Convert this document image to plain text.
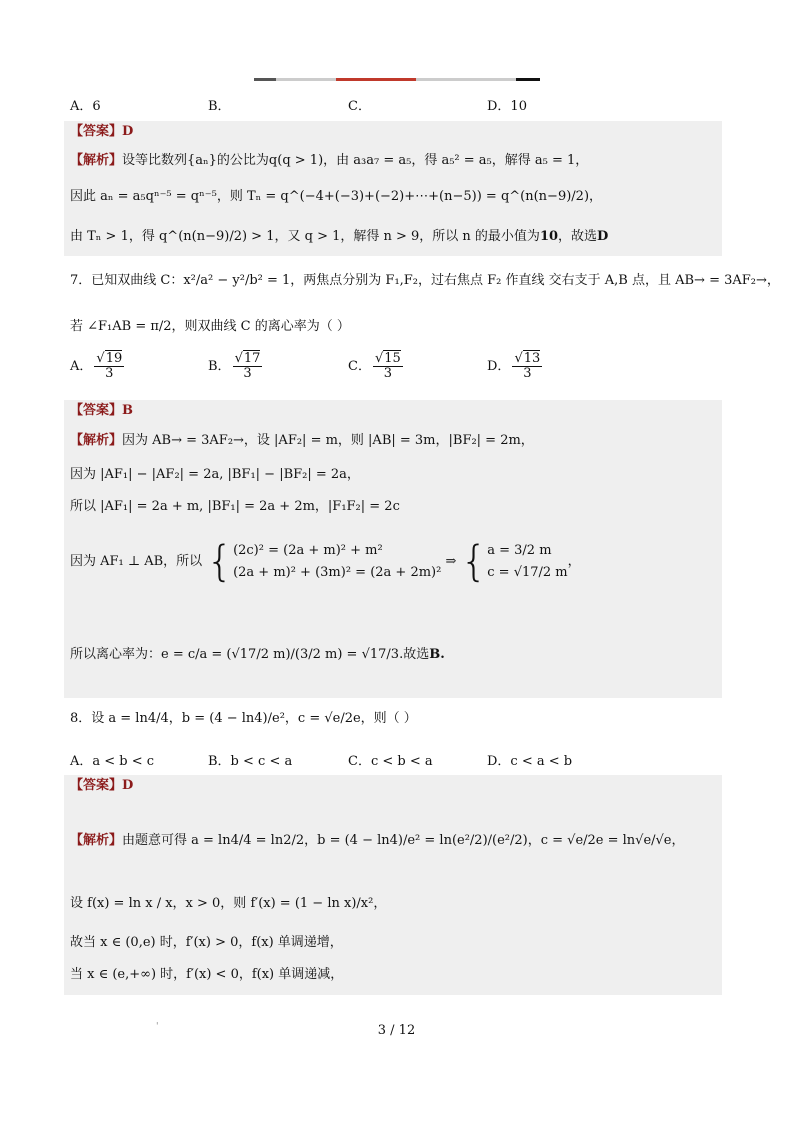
A．6	B．	C．	D．10
【答案】D
【解析】设等比数列{aₙ}的公比为q(q > 1)，由 a₃a₇ = a₅，得 a₅² = a₅，解得 a₅ = 1，
因此 aₙ = a₅qⁿ⁻⁵ = qⁿ⁻⁵，则 Tₙ = q^(−4+(−3)+(−2)+⋯+(n−5)) = q^(n(n−9)/2)，
由 Tₙ > 1，得 q^(n(n−9)/2) > 1，又 q > 1，解得 n > 9，所以 n 的最小值为10，故选D
7．已知双曲线 C：x²/a² − y²/b² = 1，两焦点分别为 F₁,F₂，过右焦点 F₂ 作直线 交右支于 A,B 点，且 AB→ = 3AF₂→，
若 ∠F₁AB = π/2，则双曲线 C 的离心率为（ ）
A． $\frac{√19}{3}$	B． $\frac{√17}{3}$	C． $\frac{√15}{3}$	D． $\frac{√13}{3}$
【答案】B
【解析】因为 AB→ = 3AF₂→，设 |AF₂| = m，则 |AB| = 3m，|BF₂| = 2m，
因为 |AF₁| − |AF₂| = 2a, |BF₁| − |BF₂| = 2a，
所以 |AF₁| = 2a + m, |BF₁| = 2a + 2m，|F₁F₂| = 2c
因为 AF₁ ⊥ AB，所以 { (2c)² = (2a + m)² + m²
(2a + m)² + (3m)² = (2a + 2m)²
⇒ { a = 3/2 m
c = √17/2 m
，
所以离心率为：e = c/a = (√17/2 m)/(3/2 m) = √17/3.故选B.
8．设 a = ln4/4，b = (4 − ln4)/e²，c = √e/2e，则（ ）
A．a < b < c	B．b < c < a	C．c < b < a	D．c < a < b
【答案】D
【解析】由题意可得 a = ln4/4 = ln2/2，b = (4 − ln4)/e² = ln(e²/2)/(e²/2)，c = √e/2e = ln√e/√e，
设 f(x) = ln x / x，x > 0，则 f′(x) = (1 − ln x)/x²，
故当 x ∈ (0,e) 时，f′(x) > 0，f(x) 单调递增，
当 x ∈ (e,+∞) 时，f′(x) < 0，f(x) 单调递减，
'	3 / 12
